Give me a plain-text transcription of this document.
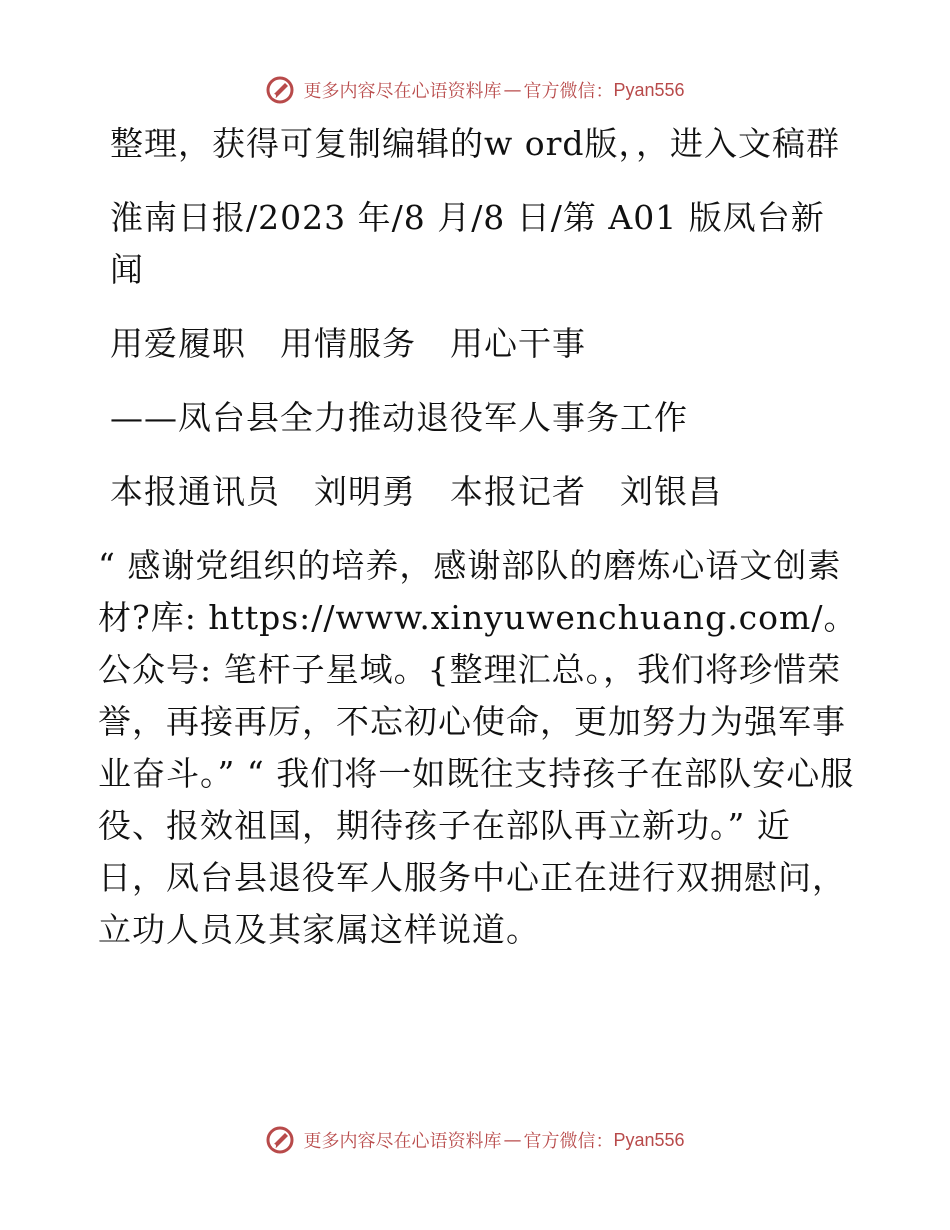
更多内容尽在心语资料库 — 官方微信： Pyan556

整理，获得可复制编辑的w ord版，，进入文稿群

淮南日报/2023 年/8 月/8 日/第 A01 版凤台新闻

用爱履职 用情服务 用心干事

——凤台县全力推动退役军人事务工作

本报通讯员 刘明勇 本报记者 刘银昌

“ 感谢党组织的培养，感谢部队的磨炼心语文创素材?库: https://www.xinyuwenchuang.com/。公众号: 笔杆子星域。{整理汇总。，我们将珍惜荣誉，再接再厉，不忘初心使命，更加努力为强军事业奋斗。” “ 我们将一如既往支持孩子在部队安心服役、报效祖国，期待孩子在部队再立新功。” 近日，凤台县退役军人服务中心正在进行双拥慰问，立功人员及其家属这样说道。

更多内容尽在心语资料库 — 官方微信： Pyan556
